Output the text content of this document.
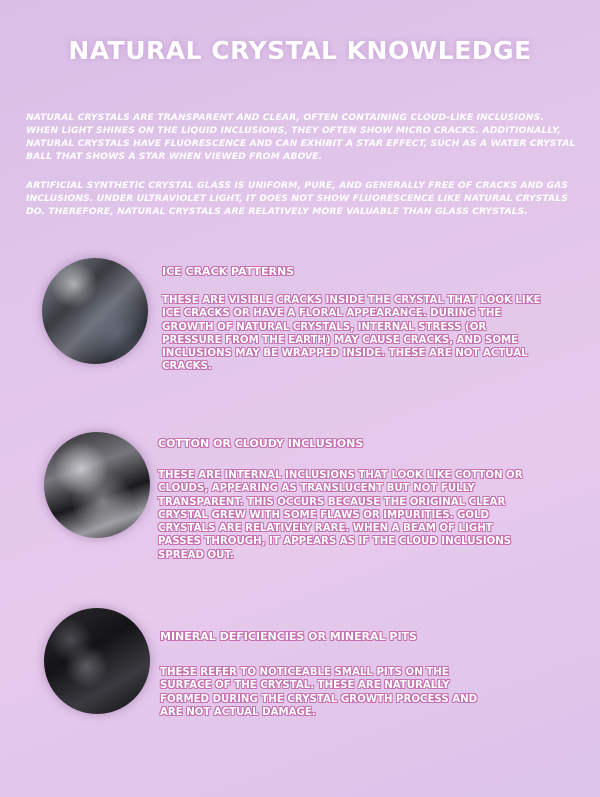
NATURAL CRYSTAL KNOWLEDGE
NATURAL CRYSTALS ARE TRANSPARENT AND CLEAR, OFTEN CONTAINING CLOUD-LIKE INCLUSIONS. WHEN LIGHT SHINES ON THE LIQUID INCLUSIONS, THEY OFTEN SHOW MICRO CRACKS. ADDITIONALLY, NATURAL CRYSTALS HAVE FLUORESCENCE AND CAN EXHIBIT A STAR EFFECT, SUCH AS A WATER CRYSTAL BALL THAT SHOWS A STAR WHEN VIEWED FROM ABOVE.
ARTIFICIAL SYNTHETIC CRYSTAL GLASS IS UNIFORM, PURE, AND GENERALLY FREE OF CRACKS AND GAS INCLUSIONS. UNDER ULTRAVIOLET LIGHT, IT DOES NOT SHOW FLUORESCENCE LIKE NATURAL CRYSTALS DO. THEREFORE, NATURAL CRYSTALS ARE RELATIVELY MORE VALUABLE THAN GLASS CRYSTALS.
ICE CRACK PATTERNS
THESE ARE VISIBLE CRACKS INSIDE THE CRYSTAL THAT LOOK LIKE ICE CRACKS OR HAVE A FLORAL APPEARANCE. DURING THE GROWTH OF NATURAL CRYSTALS, INTERNAL STRESS (OR PRESSURE FROM THE EARTH) MAY CAUSE CRACKS, AND SOME INCLUSIONS MAY BE WRAPPED INSIDE. THESE ARE NOT ACTUAL CRACKS.
COTTON OR CLOUDY INCLUSIONS
THESE ARE INTERNAL INCLUSIONS THAT LOOK LIKE COTTON OR CLOUDS, APPEARING AS TRANSLUCENT BUT NOT FULLY TRANSPARENT. THIS OCCURS BECAUSE THE ORIGINAL CLEAR CRYSTAL GREW WITH SOME FLAWS OR IMPURITIES. GOLD CRYSTALS ARE RELATIVELY RARE. WHEN A BEAM OF LIGHT PASSES THROUGH, IT APPEARS AS IF THE CLOUD INCLUSIONS SPREAD OUT.
MINERAL DEFICIENCIES OR MINERAL PITS
THESE REFER TO NOTICEABLE SMALL PITS ON THE SURFACE OF THE CRYSTAL. THESE ARE NATURALLY FORMED DURING THE CRYSTAL GROWTH PROCESS AND ARE NOT ACTUAL DAMAGE.
